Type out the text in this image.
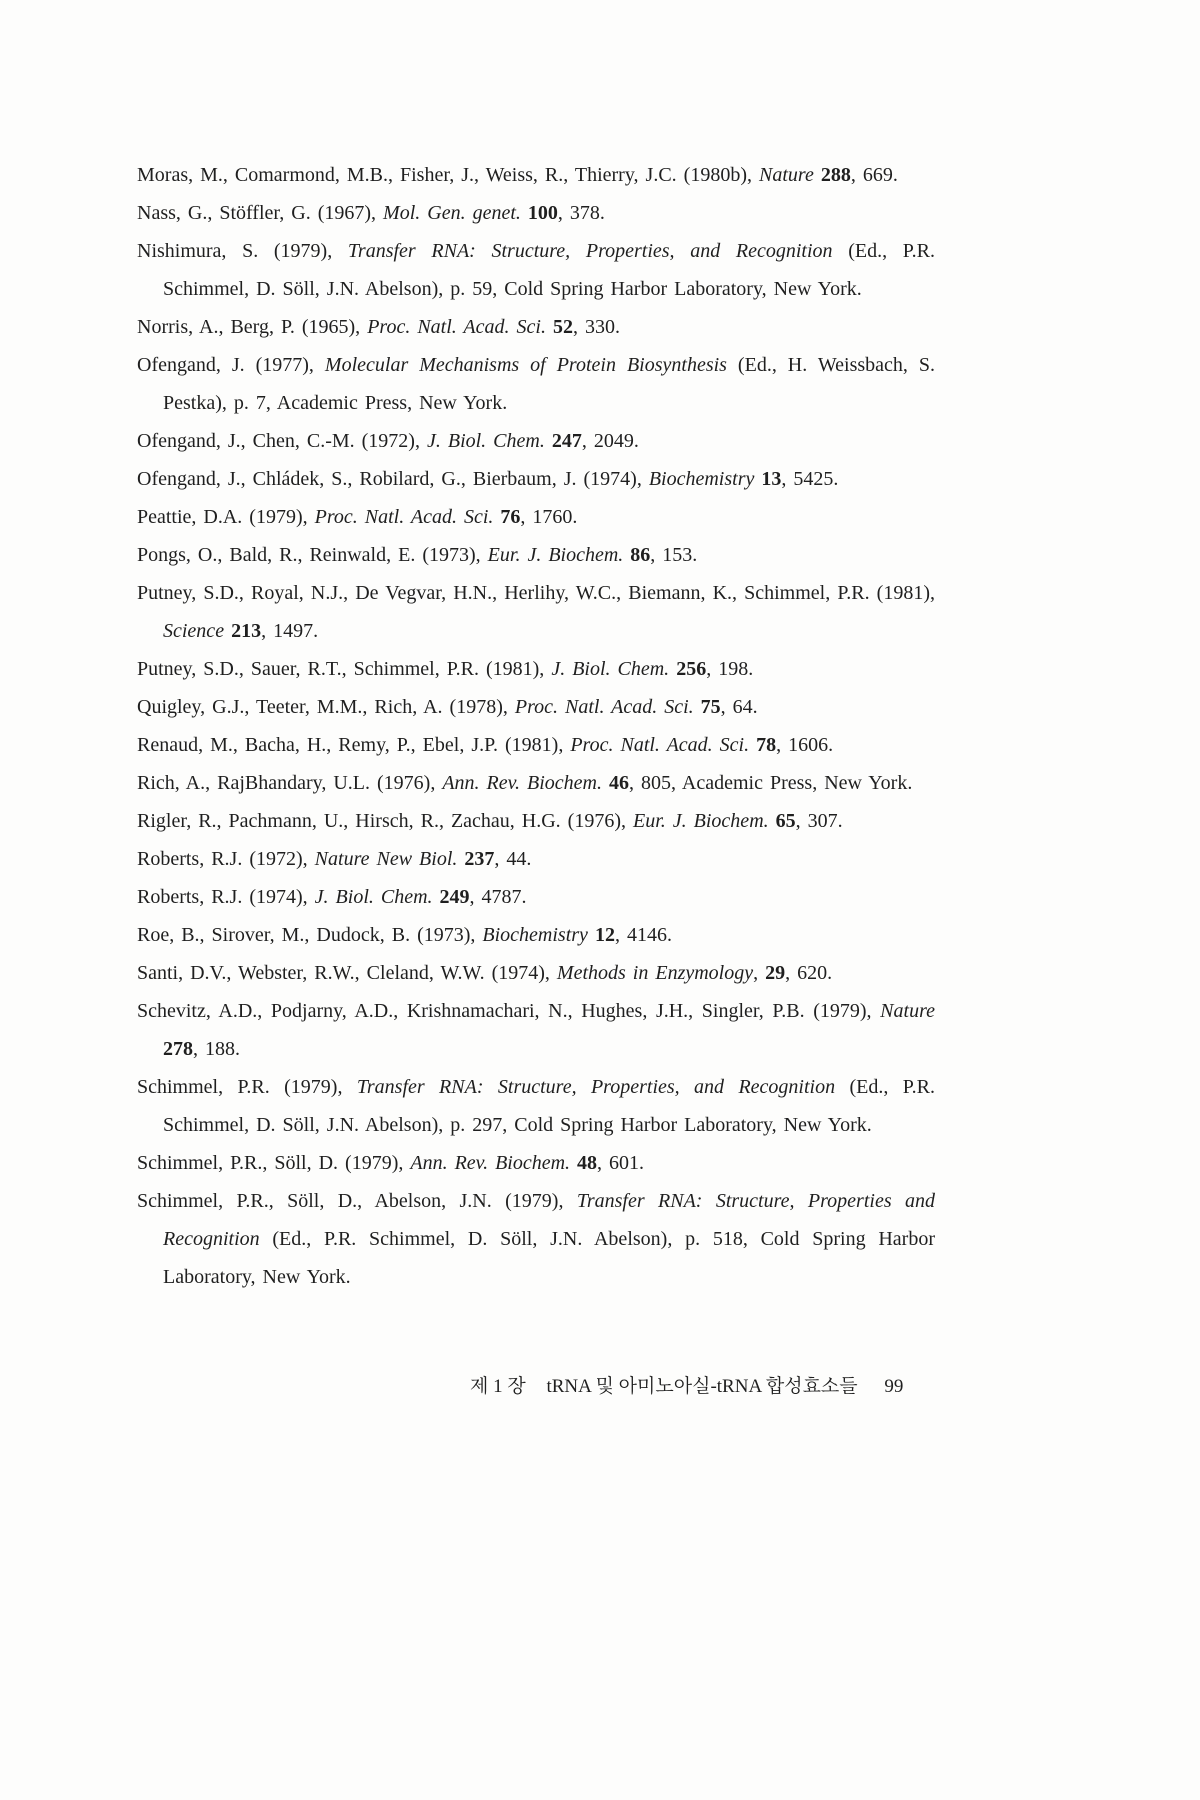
Moras, M., Comarmond, M.B., Fisher, J., Weiss, R., Thierry, J.C. (1980b), Nature 288, 669.

Nass, G., Stöffler, G. (1967), Mol. Gen. genet. 100, 378.

Nishimura, S. (1979), Transfer RNA: Structure, Properties, and Recognition (Ed., P.R. Schimmel, D. Söll, J.N. Abelson), p. 59, Cold Spring Harbor Laboratory, New York.

Norris, A., Berg, P. (1965), Proc. Natl. Acad. Sci. 52, 330.

Ofengand, J. (1977), Molecular Mechanisms of Protein Biosynthesis (Ed., H. Weissbach, S. Pestka), p. 7, Academic Press, New York.

Ofengand, J., Chen, C.-M. (1972), J. Biol. Chem. 247, 2049.

Ofengand, J., Chládek, S., Robilard, G., Bierbaum, J. (1974), Biochemistry 13, 5425.

Peattie, D.A. (1979), Proc. Natl. Acad. Sci. 76, 1760.

Pongs, O., Bald, R., Reinwald, E. (1973), Eur. J. Biochem. 86, 153.

Putney, S.D., Royal, N.J., De Vegvar, H.N., Herlihy, W.C., Biemann, K., Schimmel, P.R. (1981), Science 213, 1497.

Putney, S.D., Sauer, R.T., Schimmel, P.R. (1981), J. Biol. Chem. 256, 198.

Quigley, G.J., Teeter, M.M., Rich, A. (1978), Proc. Natl. Acad. Sci. 75, 64.

Renaud, M., Bacha, H., Remy, P., Ebel, J.P. (1981), Proc. Natl. Acad. Sci. 78, 1606.

Rich, A., RajBhandary, U.L. (1976), Ann. Rev. Biochem. 46, 805, Academic Press, New York.

Rigler, R., Pachmann, U., Hirsch, R., Zachau, H.G. (1976), Eur. J. Biochem. 65, 307.

Roberts, R.J. (1972), Nature New Biol. 237, 44.

Roberts, R.J. (1974), J. Biol. Chem. 249, 4787.

Roe, B., Sirover, M., Dudock, B. (1973), Biochemistry 12, 4146.

Santi, D.V., Webster, R.W., Cleland, W.W. (1974), Methods in Enzymology, 29, 620.

Schevitz, A.D., Podjarny, A.D., Krishnamachari, N., Hughes, J.H., Singler, P.B. (1979), Nature 278, 188.

Schimmel, P.R. (1979), Transfer RNA: Structure, Properties, and Recognition (Ed., P.R. Schimmel, D. Söll, J.N. Abelson), p. 297, Cold Spring Harbor Laboratory, New York.

Schimmel, P.R., Söll, D. (1979), Ann. Rev. Biochem. 48, 601.

Schimmel, P.R., Söll, D., Abelson, J.N. (1979), Transfer RNA: Structure, Properties and Recognition (Ed., P.R. Schimmel, D. Söll, J.N. Abelson), p. 518, Cold Spring Harbor Laboratory, New York.

제 1 장 tRNA 및 아미노아실-tRNA 합성효소들 99
